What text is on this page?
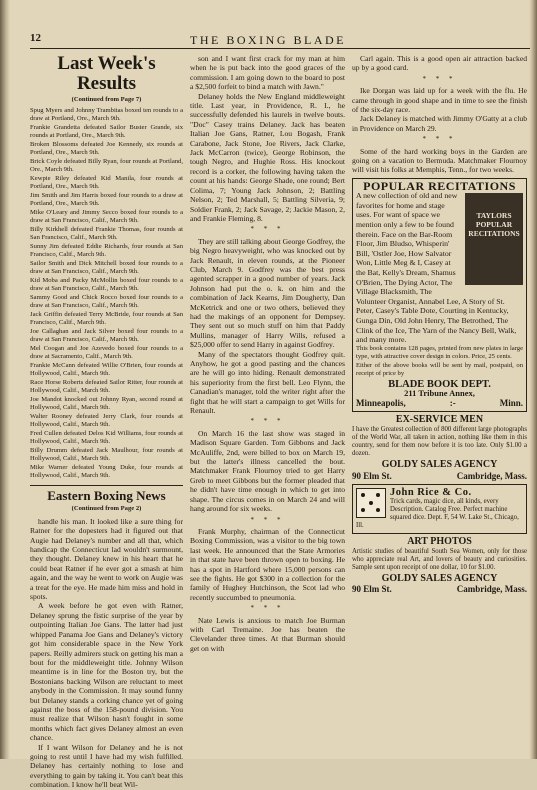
12	THE BOXING BLADE
Last Week's Results
(Continued from Page 7)

Spug Myers and Johnny Trambitas boxed ten rounds to a draw at Portland, Ore., March 9th.

Frankie Grandetta defeated Sailor Buster Grande, six rounds at Portland, Ore., March 9th.

Broken Blossoms defeated Joe Kennedy, six rounds at Portland, Ore., March 9th.

Brick Coyle defeated Billy Ryan, four rounds at Portland, Ore., March 9th.

Kewpie Riley defeated Kid Manila, four rounds at Portland, Ore., March 9th.

Jim Smith and Jim Harris boxed four rounds to a draw at Portland, Ore., March 9th.

Mike O'Leary and Jimmy Secco boxed four rounds to a draw at San Francisco, Calif., March 9th.

Billy Kirkhell defeated Frankie Thomas, four rounds at San Francisco, Calif., March 9th.

Sunny Jim defeated Eddie Richards, four rounds at San Francisco, Calif., March 9th.

Sailor Smith and Dick Mitchell boxed four rounds to a draw at San Francisco, Calif., March 9th.

Kid Moba and Packy McMollin boxed four rounds to a draw at San Francisco, Calif., March 9th.

Sammy Good and Chick Rocco boxed four rounds to a draw at San Francisco, Calif., March 9th.

Jack Griffin defeated Terry McBride, four rounds at San Francisco, Calif., March 9th.

Joe Callaghan and Jack Silver boxed four rounds to a draw at San Francisco, Calif., March 9th.

Mel Coogan and Joe Azevedo boxed four rounds to a draw at Sacramento, Calif., March 9th.

Frankie McCann defeated Willie O'Brien, four rounds at Hollywood, Calif., March 9th.

Race Horse Roberts defeated Sailor Ritter, four rounds at Hollywood, Calif., March 9th.

Joe Mandot knocked out Johnny Ryan, second round at Hollywood, Calif., March 9th.

Walter Rooney defeated Jerry Clark, four rounds at Hollywood, Calif., March 9th.

Fred Cullen defeated Delos Kid Williams, four rounds at Hollywood, Calif., March 9th.

Billy Drumm defeated Jack Maulhour, four rounds at Hollywood, Calif., March 9th.

Mike Warner defeated Young Duke, four rounds at Hollywood, Calif., March 9th.

Eastern Boxing News
(Continued from Page 2)

handle his man. It looked like a sure thing for Ratner for the dopesters had it figured out that Augie had Delaney's number and all that, which handicap the Connecticut lad wouldn't surmount, they thought. Delaney knew in his heart that he could beat Ratner if he ever got a smash at him again, and the way he went to work on Augie was a treat for the eye. He made him miss and hold in spots.

A week before he got even with Ratner, Delaney sprung the fistic surprise of the year by outpointing Italian Joe Gans. The latter had just whipped Panama Joe Gans and Delaney's victory got him considerable space in the New York papers. Reilly admirers stuck on getting his man a bout for the middleweight title. Johnny Wilson meantime is in line for the Boston try, but the Bostonians backing Wilson are reluctant to meet anybody in the Commission. It may sound funny but Delaney stands a corking chance yet of going against the boss of the 158-pound division. You must realize that Wilson hasn't fought in some months which fact gives Delaney almost an even chance.

If I want Wilson for Delaney and he is not going to rest until I have had my wish fulfilled. Delaney has certainly nothing to lose and everything to gain by taking it. You can't beat this combination. I know he'll beat Wil-

son and I want first crack for my man at him when he is put back into the good graces of the commission. I am going down to the board to post a $2,500 forfeit to bind a match with Jawn."

Delaney holds the New England middleweight title. Last year, in Providence, R. I., he successfully defended his laurels in twelve bouts. "Doc" Casey trains Delaney. Jack has beaten Italian Joe Gans, Ratner, Lou Bogash, Frank Carabone, Jack Stone, Joe Rivers, Jack Clarke, Jack McCarron (twice), George Robinson, the tough Negro, and Hughie Ross. His knockout record is a corker, the following having taken the count at his hands: George Shade, one round; Bert Colima, 7; Young Jack Johnson, 2; Battling Nelson, 2; Ted Marshall, 5; Battling Silveria, 9; Soldier Frank, 2; Jack Savage, 2; Jackie Mason, 2, and Frankie Fleming, 8.

* * *

They are still talking about George Godfrey, the big Negro heavyweight, who was knocked out by Jack Renault, in eleven rounds, at the Pioneer Club, March 9. Godfrey was the best press agented scrapper in a good number of years. Jack Johnson had put the o. k. on him and the combination of Jack Kearns, Jim Dougherty, Dan McKetrick and one or two others, believed they had the makings of an opponent for Dempsey. They sent out so much stuff on him that Paddy Mullins, manager of Harry Wills, refused a $25,000 offer to send Harry in against Godfrey.

Many of the spectators thought Godfrey quit. Anyhow, he got a good pasting and the chances are he will go into hiding. Renault demonstrated his superiority from the first bell. Leo Flynn, the Canadian's manager, told the writer right after the fight that he will start a campaign to get Wills for Renault.

* * *

On March 16 the last show was staged in Madison Square Garden. Tom Gibbons and Jack McAuliffe, 2nd, were billed to box on March 19, but the latter's illness cancelled the bout. Matchmaker Frank Flournoy tried to get Harry Greb to meet Gibbons but the former pleaded that he didn't have time enough in which to get into shape. The circus comes in on March 24 and will hang around for six weeks.

* * *

Frank Murphy, chairman of the Connecticut Boxing Commission, was a visitor to the big town last week. He announced that the State Armories in that state have been thrown open to boxing. He has a spot in Hartford where 15,000 persons can see the fights. He got $300 in a collection for the family of Hughey Hutchinson, the Scot lad who recently succumbed to pneumonia.

* * *

Nate Lewis is anxious to match Joe Burman with Carl Tremaine. Joe has beaten the Clevelander three times. At that Burman should get on with

Carl again. This is a good open air attraction backed up by a good card.

* * *

Ike Dorgan was laid up for a week with the flu. He came through in good shape and in time to see the finish of the six-day race.

Jack Delaney is matched with Jimmy O'Gatty at a club in Providence on March 29.

* * *

Some of the hard working boys in the Garden are going on a vacation to Bermuda. Matchmaker Flournoy will visit his folks at Memphis, Tenn., for two weeks.

POPULAR RECITATIONS
TAYLORS POPULAR RECITATIONS

A new collection of old and new favorites for home and stage uses. For want of space we mention only a few to be found therein. Face on the Bar-Room Floor, Jim Bludso, Whisperin' Bill, 'Ostler Joe, How Salvator Won, Little Meg & I, Casey at the Bat, Kelly's Dream, Shamus O'Brien, The Dying Actor, The Village Blacksmith, The Volunteer Organist, Annabel Lee, A Story of St. Peter, Casey's Table Dote, Courting in Kentucky, Gunga Din, Old John Henry, The Betrothed, The Clink of the Ice, The Yarn of the Nancy Bell, Walk, and many more.

This book contains 128 pages, printed from new plates in large type, with attractive cover design in colors. Price, 25 cents.

Either of the above books will be sent by mail, postpaid, on receipt of price by

BLADE BOOK DEPT.
211 Tribune Annex,
Minneapolis,	:-	Minn.
EX-SERVICE MEN

I have the Greatest collection of 800 different large photographs of the World War, all taken in action, nothing like them in this country, send for them now before it is too late. Only $1.00 a dozen.

GOLDY SALES AGENCY
90 Elm St.	Cambridge, Mass.
John Rice & Co.

Trick cards, magic dice, all kinds, every Description. Catalog Free. Perfect machine squared dice. Dept. F, 54 W. Lake St., Chicago, Ill.

ART PHOTOS

Artistic studies of beautiful South Sea Women, only for those who appreciate real Art, and lovers of beauty and curiosities. Sample sent upon receipt of one dollar, 10 for $1.00.

GOLDY SALES AGENCY
90 Elm St.	Cambridge, Mass.
